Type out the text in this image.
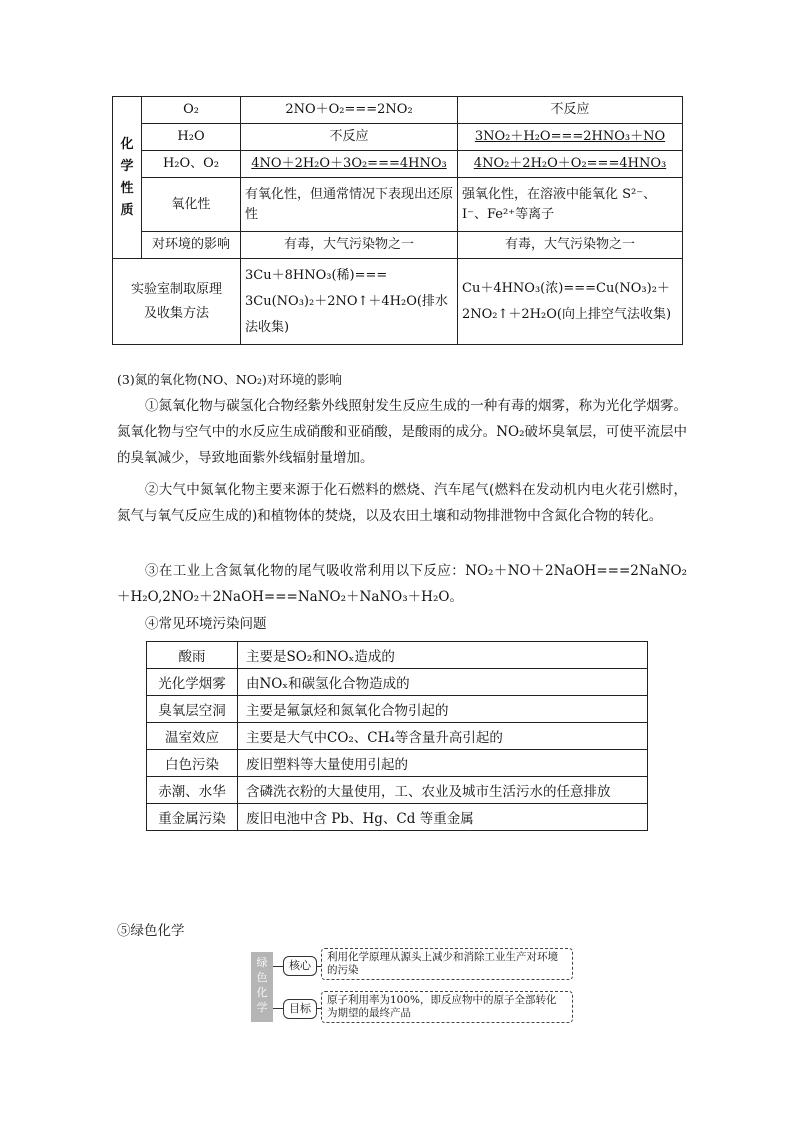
化学性质	O₂	2NO＋O₂===2NO₂	不反应
	H₂O	不反应	3NO₂＋H₂O===2HNO₃＋NO
	H₂O、O₂	4NO＋2H₂O＋3O₂===4HNO₃	4NO₂＋2H₂O＋O₂===4HNO₃
	氧化性	有氧化性，但通常情况下表现出还原性	强氧化性，在溶液中能氧化 S²⁻、I⁻、Fe²⁺等离子
	对环境的影响	有毒，大气污染物之一	有毒，大气污染物之一
实验室制取原理及收集方法		3Cu＋8HNO₃(稀)=== 3Cu(NO₃)₂＋2NO↑＋4H₂O(排水法收集)	Cu＋4HNO₃(浓)===Cu(NO₃)₂＋2NO₂↑＋2H₂O(向上排空气法收集)
(3)氮的氧化物(NO、NO₂)对环境的影响
①氮氧化物与碳氢化合物经紫外线照射发生反应生成的一种有毒的烟雾，称为光化学烟雾。氮氧化物与空气中的水反应生成硝酸和亚硝酸，是酸雨的成分。NO₂破坏臭氧层，可使平流层中的臭氧减少，导致地面紫外线辐射量增加。
②大气中氮氧化物主要来源于化石燃料的燃烧、汽车尾气(燃料在发动机内电火花引燃时，氮气与氧气反应生成的)和植物体的焚烧，以及农田土壤和动物排泄物中含氮化合物的转化。
③在工业上含氮氧化物的尾气吸收常利用以下反应：NO₂＋NO＋2NaOH===2NaNO₂＋H₂O,2NO₂＋2NaOH===NaNO₂＋NaNO₃＋H₂O。
④常见环境污染问题
酸雨	主要是SO₂和NOₓ造成的
光化学烟雾	由NOₓ和碳氢化合物造成的
臭氧层空洞	主要是氟氯烃和氮氧化合物引起的
温室效应	主要是大气中CO₂、CH₄等含量升高引起的
白色污染	废旧塑料等大量使用引起的
赤潮、水华	含磷洗衣粉的大量使用，工、农业及城市生活污水的任意排放
重金属污染	废旧电池中含 Pb、Hg、Cd 等重金属
⑤绿色化学
绿色化学
核心
目标
利用化学原理从源头上减少和消除工业生产对环境的污染
原子利用率为100%，即反应物中的原子全部转化为期望的最终产品
